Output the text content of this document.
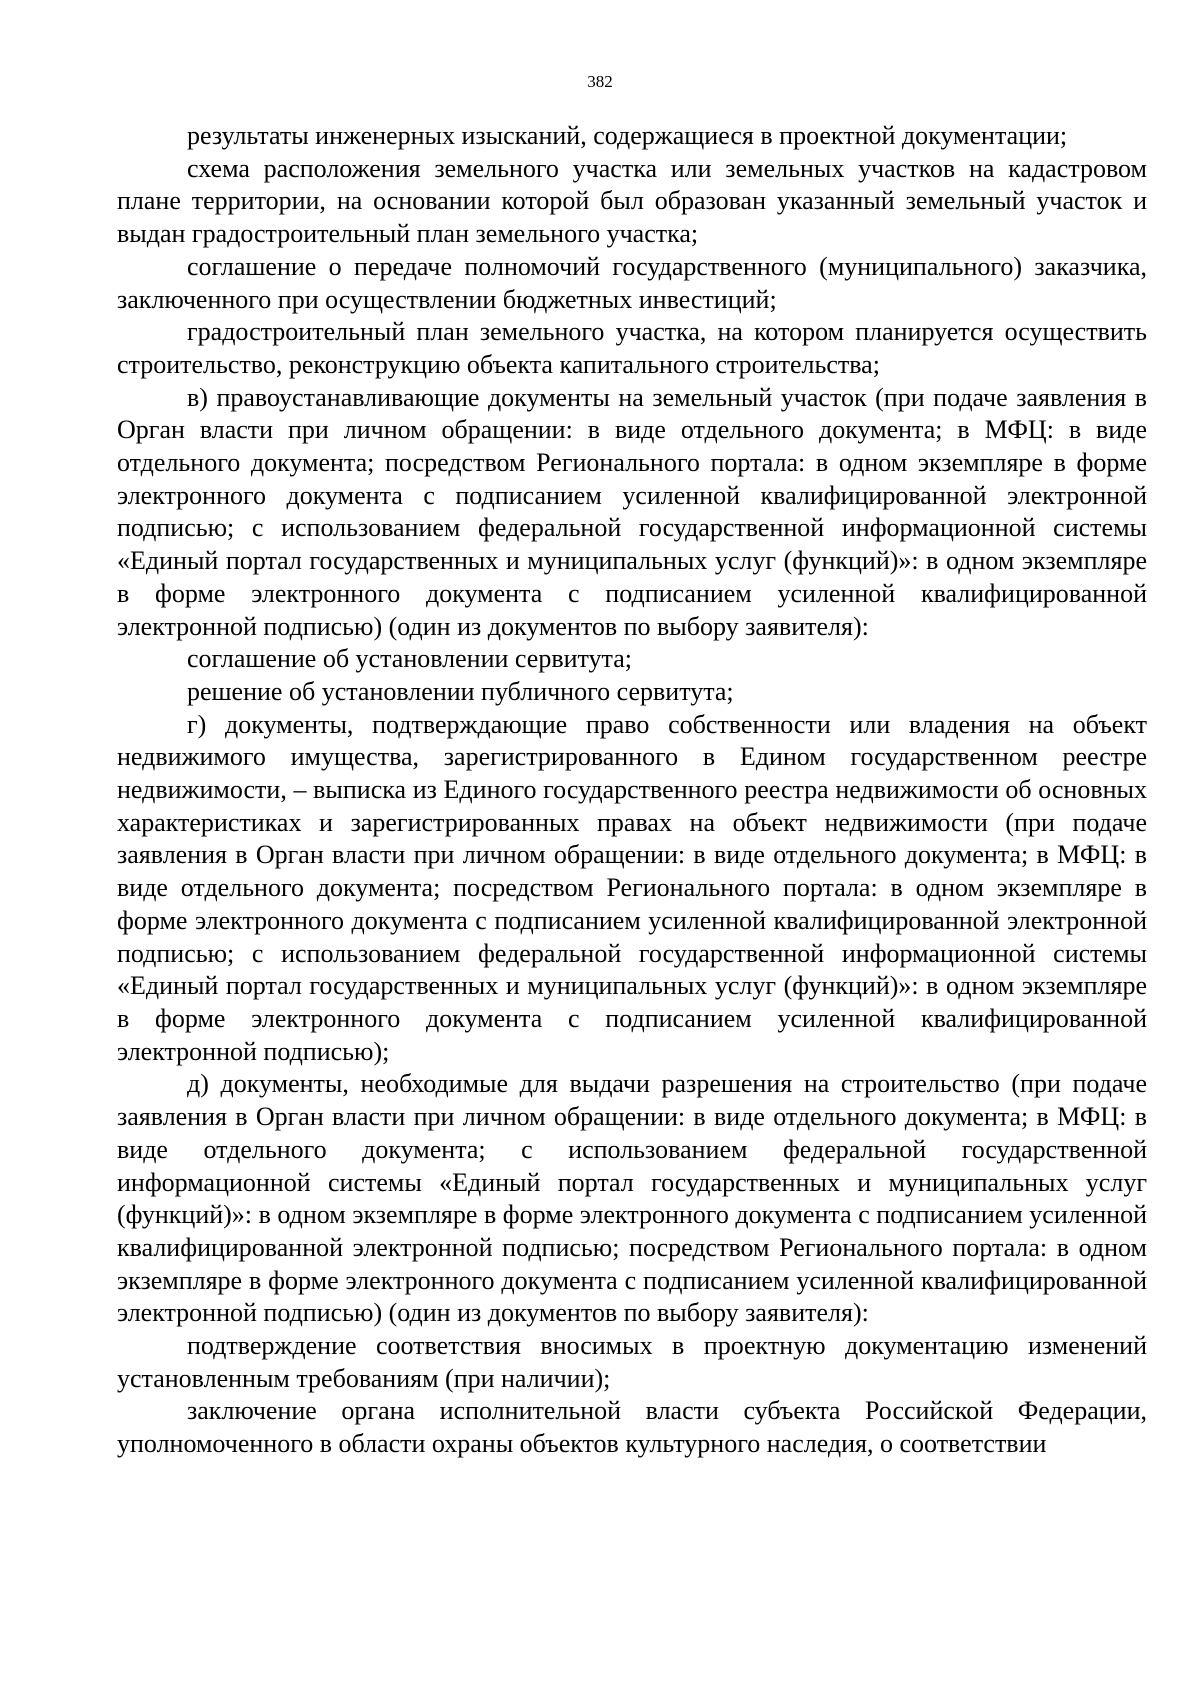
382

результаты инженерных изысканий, содержащиеся в проектной документации;

схема расположения земельного участка или земельных участков на кадастровом плане территории, на основании которой был образован указанный земельный участок и выдан градостроительный план земельного участка;

соглашение о передаче полномочий государственного (муниципального) заказчика, заключенного при осуществлении бюджетных инвестиций;

градостроительный план земельного участка, на котором планируется осуществить строительство, реконструкцию объекта капитального строительства;

в) правоустанавливающие документы на земельный участок (при подаче заявления в Орган власти при личном обращении: в виде отдельного документа; в МФЦ: в виде отдельного документа; посредством Регионального портала: в одном экземпляре в форме электронного документа с подписанием усиленной квалифицированной электронной подписью; с использованием федеральной государственной информационной системы «Единый портал государственных и муниципальных услуг (функций)»: в одном экземпляре в форме электронного документа с подписанием усиленной квалифицированной электронной подписью) (один из документов по выбору заявителя):

соглашение об установлении сервитута;

решение об установлении публичного сервитута;

г) документы, подтверждающие право собственности или владения на объект недвижимого имущества, зарегистрированного в Едином государственном реестре недвижимости, – выписка из Единого государственного реестра недвижимости об основных характеристиках и зарегистрированных правах на объект недвижимости (при подаче заявления в Орган власти при личном обращении: в виде отдельного документа; в МФЦ: в виде отдельного документа; посредством Регионального портала: в одном экземпляре в форме электронного документа с подписанием усиленной квалифицированной электронной подписью; с использованием федеральной государственной информационной системы «Единый портал государственных и муниципальных услуг (функций)»: в одном экземпляре в форме электронного документа с подписанием усиленной квалифицированной электронной подписью);

д) документы, необходимые для выдачи разрешения на строительство (при подаче заявления в Орган власти при личном обращении: в виде отдельного документа; в МФЦ: в виде отдельного документа; с использованием федеральной государственной информационной системы «Единый портал государственных и муниципальных услуг (функций)»: в одном экземпляре в форме электронного документа с подписанием усиленной квалифицированной электронной подписью; посредством Регионального портала: в одном экземпляре в форме электронного документа с подписанием усиленной квалифицированной электронной подписью) (один из документов по выбору заявителя):

подтверждение соответствия вносимых в проектную документацию изменений установленным требованиям (при наличии);

заключение органа исполнительной власти субъекта Российской Федерации, уполномоченного в области охраны объектов культурного наследия, о соответствии
